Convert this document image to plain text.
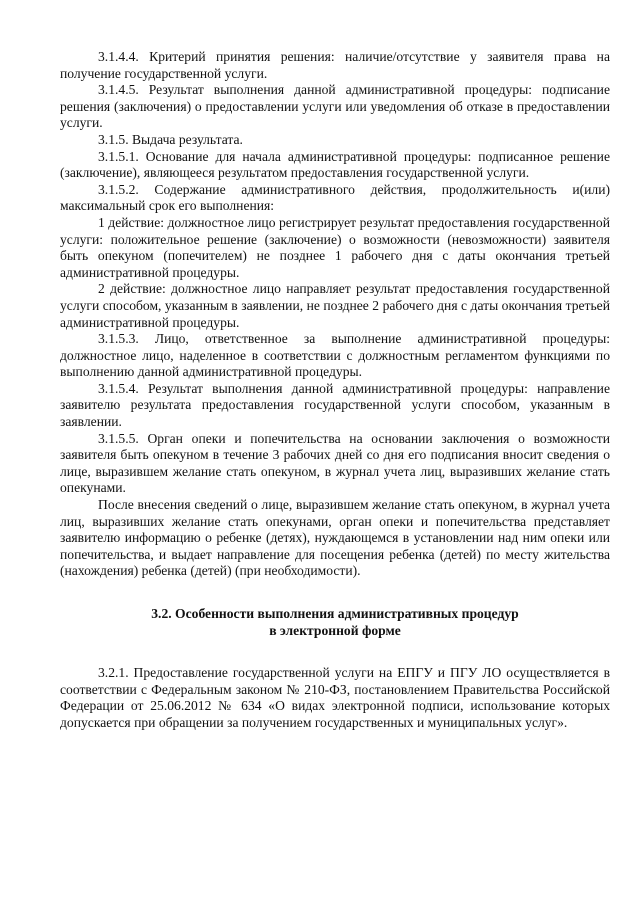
3.1.4.4. Критерий принятия решения: наличие/отсутствие у заявителя права на получение государственной услуги.

3.1.4.5. Результат выполнения данной административной процедуры: подписание решения (заключения) о предоставлении услуги или уведомления об отказе в предоставлении услуги.

3.1.5. Выдача результата.

3.1.5.1. Основание для начала административной процедуры: подписанное решение (заключение), являющееся результатом предоставления государственной услуги.

3.1.5.2. Содержание административного действия, продолжительность и(или) максимальный срок его выполнения:

1 действие: должностное лицо регистрирует результат предоставления государственной услуги: положительное решение (заключение) о возможности (невозможности) заявителя быть опекуном (попечителем) не позднее 1 рабочего дня с даты окончания третьей административной процедуры.

2 действие: должностное лицо направляет результат предоставления государственной услуги способом, указанным в заявлении, не позднее 2 рабочего дня с даты окончания третьей административной процедуры.

3.1.5.3. Лицо, ответственное за выполнение административной процедуры: должностное лицо, наделенное в соответствии с должностным регламентом функциями по выполнению данной административной процедуры.

3.1.5.4. Результат выполнения данной административной процедуры: направление заявителю результата предоставления государственной услуги способом, указанным в заявлении.

3.1.5.5. Орган опеки и попечительства на основании заключения о возможности заявителя быть опекуном в течение 3 рабочих дней со дня его подписания вносит сведения о лице, выразившем желание стать опекуном, в журнал учета лиц, выразивших желание стать опекунами.

После внесения сведений о лице, выразившем желание стать опекуном, в журнал учета лиц, выразивших желание стать опекунами, орган опеки и попечительства представляет заявителю информацию о ребенке (детях), нуждающемся в установлении над ним опеки или попечительства, и выдает направление для посещения ребенка (детей) по месту жительства (нахождения) ребенка (детей) (при необходимости).

3.2. Особенности выполнения административных процедур
в электронной форме

3.2.1. Предоставление государственной услуги на ЕПГУ и ПГУ ЛО осуществляется в соответствии с Федеральным законом № 210-ФЗ, постановлением Правительства Российской Федерации от 25.06.2012 № 634 «О видах электронной подписи, использование которых допускается при обращении за получением государственных и муниципальных услуг».
